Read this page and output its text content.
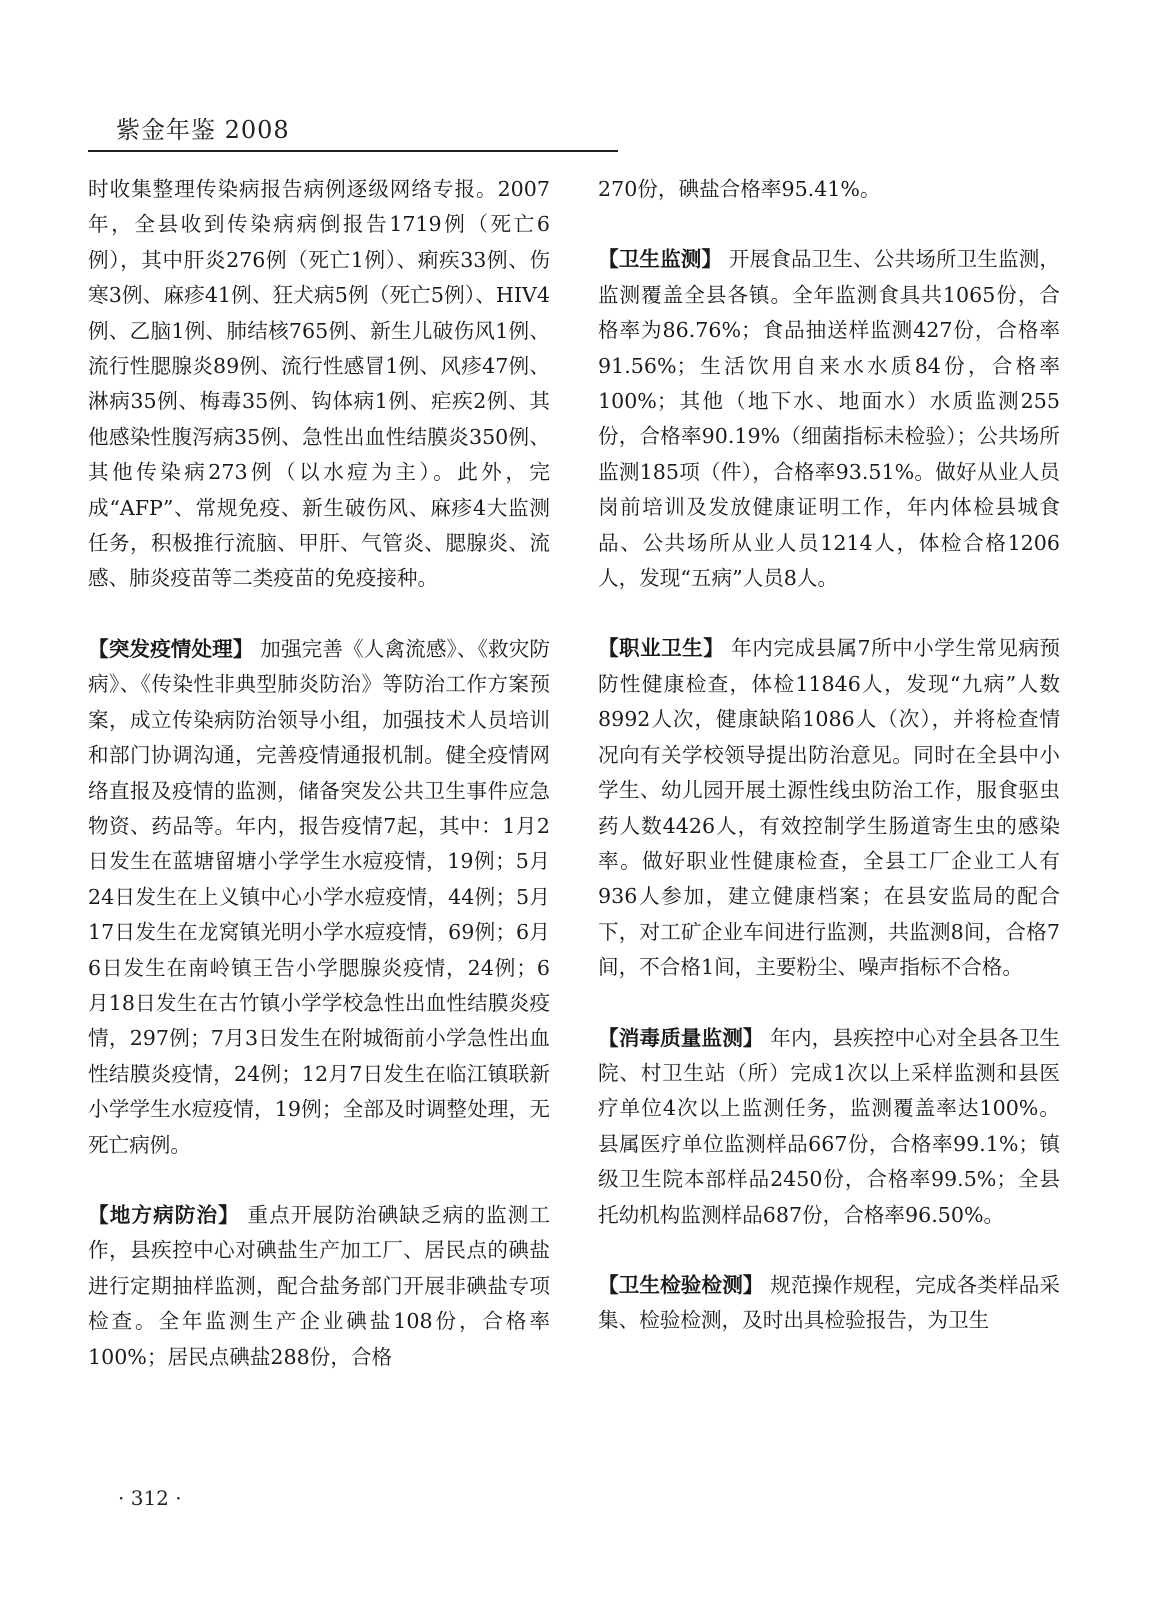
紫金年鉴 2008

时收集整理传染病报告病例逐级网络专报。2007年，全县收到传染病病倒报告1719例（死亡6例），其中肝炎276例（死亡1例）、痢疾33例、伤寒3例、麻疹41例、狂犬病5例（死亡5例）、HIV4例、乙脑1例、肺结核765例、新生儿破伤风1例、流行性腮腺炎89例、流行性感冒1例、风疹47例、淋病35例、梅毒35例、钩体病1例、疟疾2例、其他感染性腹泻病35例、急性出血性结膜炎350例、其他传染病273例（以水痘为主）。此外，完成“AFP”、常规免疫、新生破伤风、麻疹4大监测任务，积极推行流脑、甲肝、气管炎、腮腺炎、流感、肺炎疫苗等二类疫苗的免疫接种。

【突发疫情处理】 加强完善《人禽流感》、《救灾防病》、《传染性非典型肺炎防治》等防治工作方案预案，成立传染病防治领导小组，加强技术人员培训和部门协调沟通，完善疫情通报机制。健全疫情网络直报及疫情的监测，储备突发公共卫生事件应急物资、药品等。年内，报告疫情7起，其中：1月2日发生在蓝塘留塘小学学生水痘疫情，19例；5月24日发生在上义镇中心小学水痘疫情，44例；5月17日发生在龙窝镇光明小学水痘疫情，69例；6月6日发生在南岭镇王告小学腮腺炎疫情，24例；6月18日发生在古竹镇小学学校急性出血性结膜炎疫情，297例；7月3日发生在附城衙前小学急性出血性结膜炎疫情，24例；12月7日发生在临江镇联新小学学生水痘疫情，19例；全部及时调整处理，无死亡病例。

【地方病防治】 重点开展防治碘缺乏病的监测工作，县疾控中心对碘盐生产加工厂、居民点的碘盐进行定期抽样监测，配合盐务部门开展非碘盐专项检查。全年监测生产企业碘盐108份，合格率100%；居民点碘盐288份，合格

270份，碘盐合格率95.41%。

【卫生监测】 开展食品卫生、公共场所卫生监测，监测覆盖全县各镇。全年监测食具共1065份，合格率为86.76%；食品抽送样监测427份，合格率91.56%；生活饮用自来水水质84份，合格率100%；其他（地下水、地面水）水质监测255份，合格率90.19%（细菌指标未检验）；公共场所监测185项（件），合格率93.51%。做好从业人员岗前培训及发放健康证明工作，年内体检县城食品、公共场所从业人员1214人，体检合格1206人，发现“五病”人员8人。

【职业卫生】 年内完成县属7所中小学生常见病预防性健康检查，体检11846人，发现“九病”人数8992人次，健康缺陷1086人（次），并将检查情况向有关学校领导提出防治意见。同时在全县中小学生、幼儿园开展土源性线虫防治工作，服食驱虫药人数4426人，有效控制学生肠道寄生虫的感染率。做好职业性健康检查，全县工厂企业工人有936人参加，建立健康档案；在县安监局的配合下，对工矿企业车间进行监测，共监测8间，合格7间，不合格1间，主要粉尘、噪声指标不合格。

【消毒质量监测】 年内，县疾控中心对全县各卫生院、村卫生站（所）完成1次以上采样监测和县医疗单位4次以上监测任务，监测覆盖率达100%。县属医疗单位监测样品667份，合格率99.1%；镇级卫生院本部样品2450份，合格率99.5%；全县托幼机构监测样品687份，合格率96.50%。

【卫生检验检测】 规范操作规程，完成各类样品采集、检验检测，及时出具检验报告，为卫生

· 312 ·
